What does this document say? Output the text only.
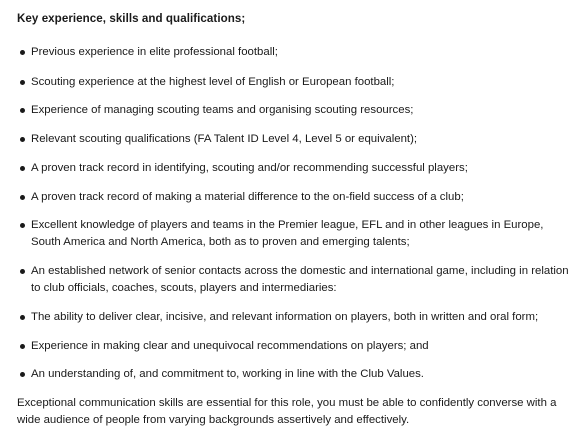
Key experience, skills and qualifications;
Previous experience in elite professional football;
Scouting experience at the highest level of English or European football;
Experience of managing scouting teams and organising scouting resources;
Relevant scouting qualifications (FA Talent ID Level 4, Level 5 or equivalent);
A proven track record in identifying, scouting and/or recommending successful players;
A proven track record of making a material difference to the on-field success of a club;
Excellent knowledge of players and teams in the Premier league, EFL and in other leagues in Europe, South America and North America, both as to proven and emerging talents;
An established network of senior contacts across the domestic and international game, including in relation to club officials, coaches, scouts, players and intermediaries:
The ability to deliver clear, incisive, and relevant information on players, both in written and oral form;
Experience in making clear and unequivocal recommendations on players; and
An understanding of, and commitment to, working in line with the Club Values.
Exceptional communication skills are essential for this role, you must be able to confidently converse with a wide audience of people from varying backgrounds assertively and effectively.
